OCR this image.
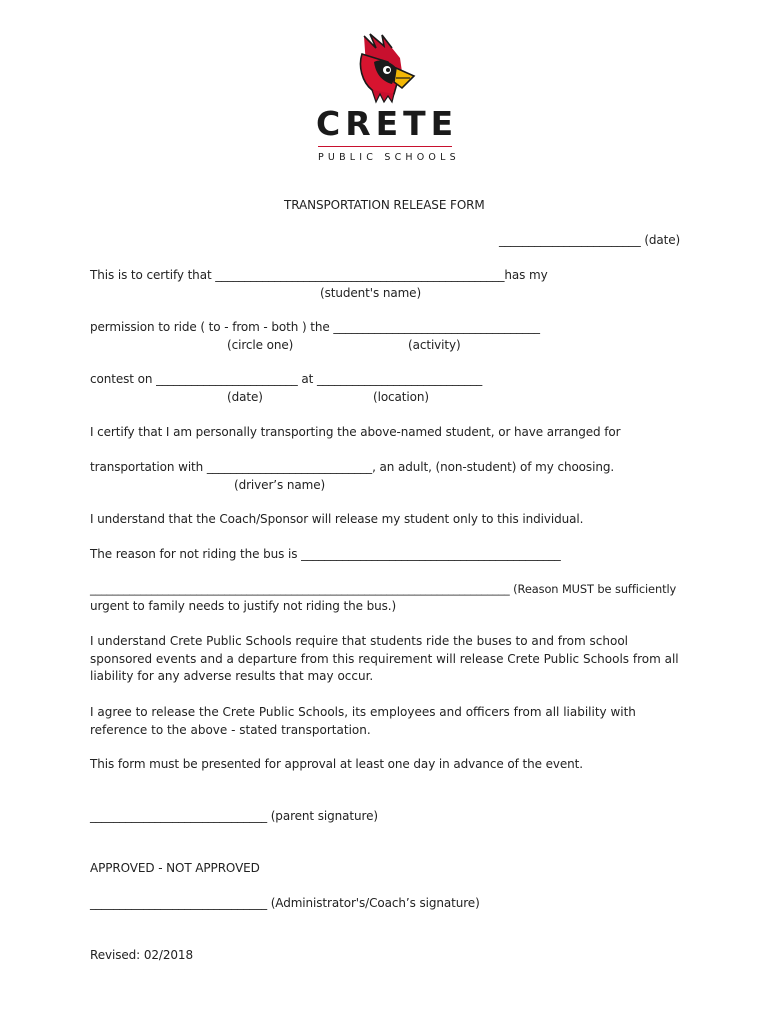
CRETE
PUBLIC SCHOOLS
TRANSPORTATION RELEASE FORM
________________________ (date)
This is to certify that _________________________________________________has my
(student's name)
permission to ride ( to - from - both ) the ___________________________________
(circle one)	(activity)
contest on ________________________ at ____________________________
(date)	(location)
I certify that I am personally transporting the above-named student, or have arranged for
transportation with ____________________________, an adult, (non-student) of my choosing.
(driver’s name)
I understand that the Coach/Sponsor will release my student only to this individual.
The reason for not riding the bus is ____________________________________________
___________________________________________________________________________ (Reason MUST be sufficiently
urgent to family needs to justify not riding the bus.)
I understand Crete Public Schools require that students ride the buses to and from school sponsored events and a departure from this requirement will release Crete Public Schools from all liability for any adverse results that may occur.
I agree to release the Crete Public Schools, its employees and officers from all liability with reference to the above - stated transportation.
This form must be presented for approval at least one day in advance of the event.
______________________________ (parent signature)
APPROVED - NOT APPROVED
______________________________ (Administrator's/Coach’s signature)
Revised: 02/2018
